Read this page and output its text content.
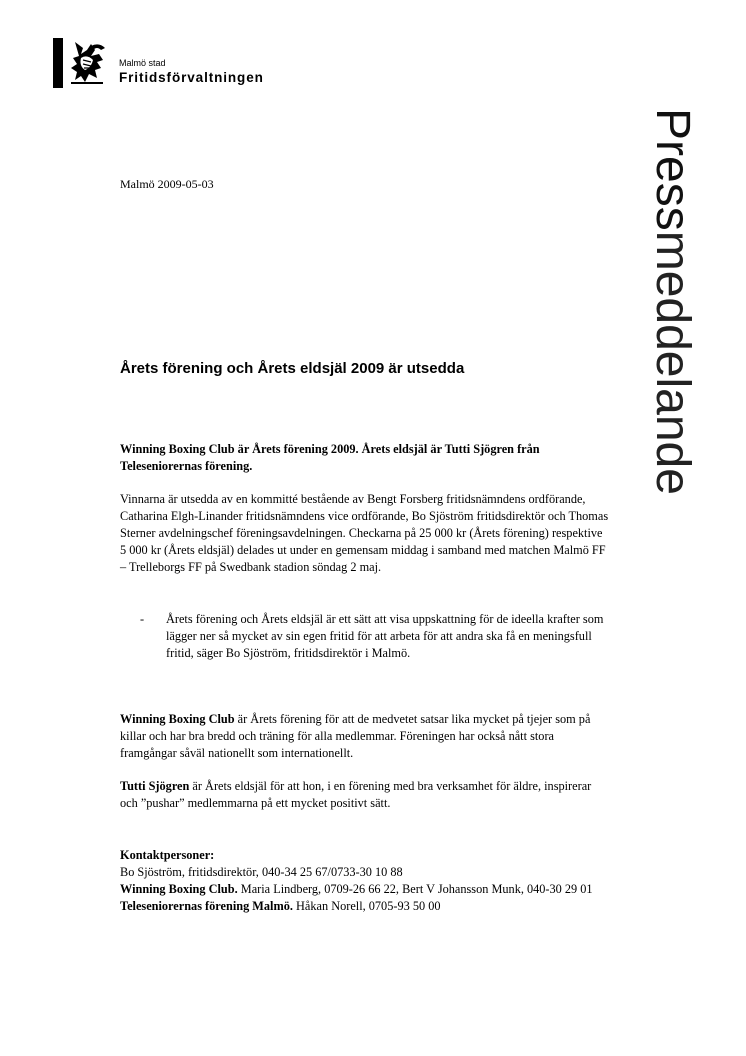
Malmö stad
Fritidsförvaltningen
Pressmeddelande
Malmö 2009-05-03
Årets förening och Årets eldsjäl 2009 är utsedda

Winning Boxing Club är Årets förening 2009. Årets eldsjäl är Tutti Sjögren från Teleseniorernas förening.

Vinnarna är utsedda av en kommitté bestående av Bengt Forsberg fritidsnämndens ordförande, Catharina Elgh-Linander fritidsnämndens vice ordförande, Bo Sjöström fritidsdirektör och Thomas Sterner avdelningschef föreningsavdelningen. Checkarna på 25 000 kr (Årets förening) respektive 5 000 kr (Årets eldsjäl) delades ut under en gemensam middag i samband med matchen Malmö FF – Trelleborgs FF på Swedbank stadion söndag 2 maj.

- Årets förening och Årets eldsjäl är ett sätt att visa uppskattning för de ideella krafter som lägger ner så mycket av sin egen fritid för att arbeta för att andra ska få en meningsfull fritid, säger Bo Sjöström, fritidsdirektör i Malmö.

Winning Boxing Club är Årets förening för att de medvetet satsar lika mycket på tjejer som på killar och har bra bredd och träning för alla medlemmar. Föreningen har också nått stora framgångar såväl nationellt som internationellt.

Tutti Sjögren är Årets eldsjäl för att hon, i en förening med bra verksamhet för äldre, inspirerar och ”pushar” medlemmarna på ett mycket positivt sätt.

Kontaktpersoner:
Bo Sjöström, fritidsdirektör, 040-34 25 67/0733-30 10 88
Winning Boxing Club. Maria Lindberg, 0709-26 66 22, Bert V Johansson Munk, 040-30 29 01
Teleseniorernas förening Malmö. Håkan Norell, 0705-93 50 00
